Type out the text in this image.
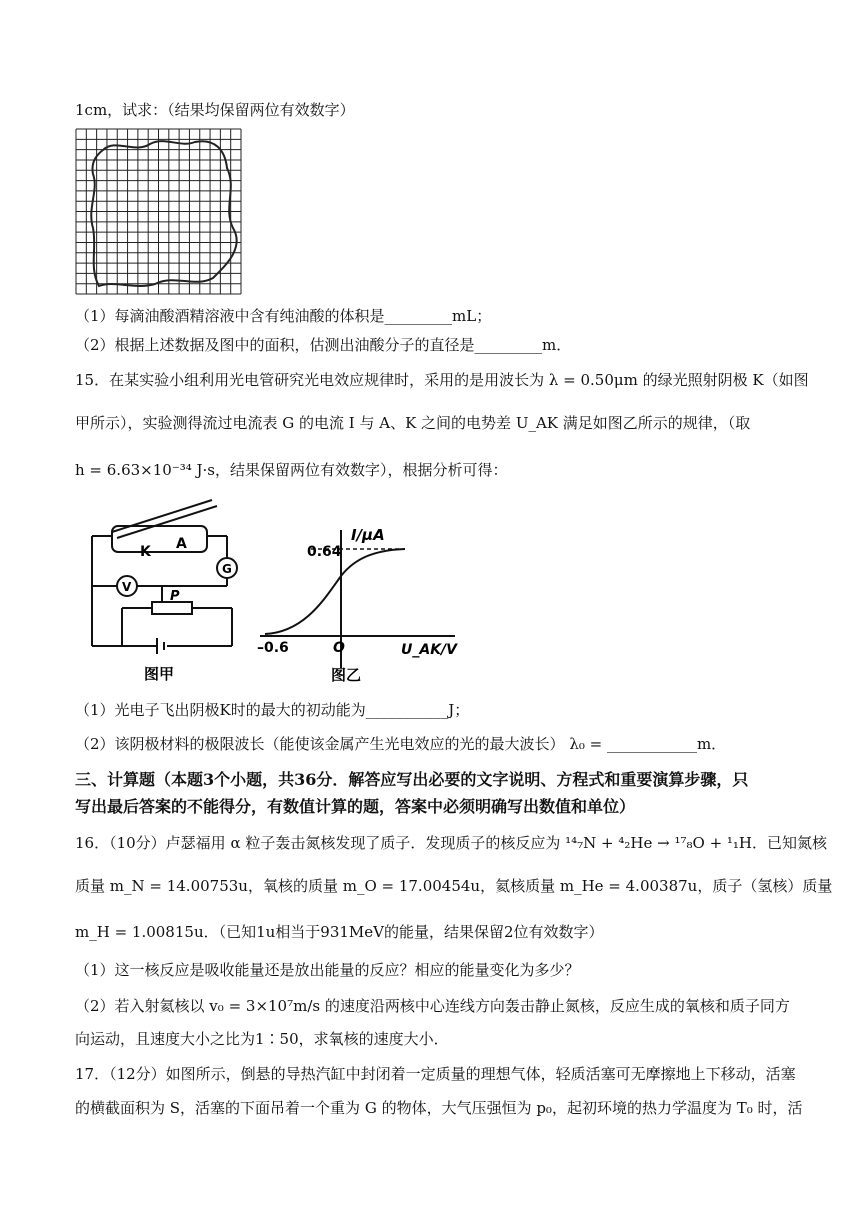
1cm，试求：（结果均保留两位有效数字）
（1）每滴油酸酒精溶液中含有纯油酸的体积是_________mL；
（2）根据上述数据及图中的面积，估测出油酸分子的直径是_________m．
15．在某实验小组利用光电管研究光电效应规律时，采用的是用波长为 λ = 0.50μm 的绿光照射阴极 K（如图
甲所示），实验测得流过电流表 G 的电流 I 与 A、K 之间的电势差 U_AK 满足如图乙所示的规律，（取
h = 6.63×10⁻³⁴ J·s，结果保留两位有效数字），根据分析可得：
K A
V
G
P
图甲
I/μA
0.64
–0.6	O	U_AK/V
图乙
（1）光电子飞出阴极K时的最大的初动能为___________J；
（2）该阴极材料的极限波长（能使该金属产生光电效应的光的最大波长） λ₀ = ____________m．
三、计算题（本题3个小题，共36分．解答应写出必要的文字说明、方程式和重要演算步骤，只
写出最后答案的不能得分，有数值计算的题，答案中必须明确写出数值和单位）
16．（10分）卢瑟福用 α 粒子轰击氮核发现了质子．发现质子的核反应为 ¹⁴₇N + ⁴₂He → ¹⁷₈O + ¹₁H．已知氮核
质量 m_N = 14.00753u，氧核的质量 m_O = 17.00454u，氦核质量 m_He = 4.00387u，质子（氢核）质量
m_H = 1.00815u．（已知1u相当于931MeV的能量，结果保留2位有效数字）
（1）这一核反应是吸收能量还是放出能量的反应？相应的能量变化为多少？
（2）若入射氦核以 v₀ = 3×10⁷m/s 的速度沿两核中心连线方向轰击静止氮核，反应生成的氧核和质子同方
向运动，且速度大小之比为1∶50，求氧核的速度大小．
17．（12分）如图所示，倒悬的导热汽缸中封闭着一定质量的理想气体，轻质活塞可无摩擦地上下移动，活塞
的横截面积为 S，活塞的下面吊着一个重为 G 的物体，大气压强恒为 p₀，起初环境的热力学温度为 T₀ 时，活
